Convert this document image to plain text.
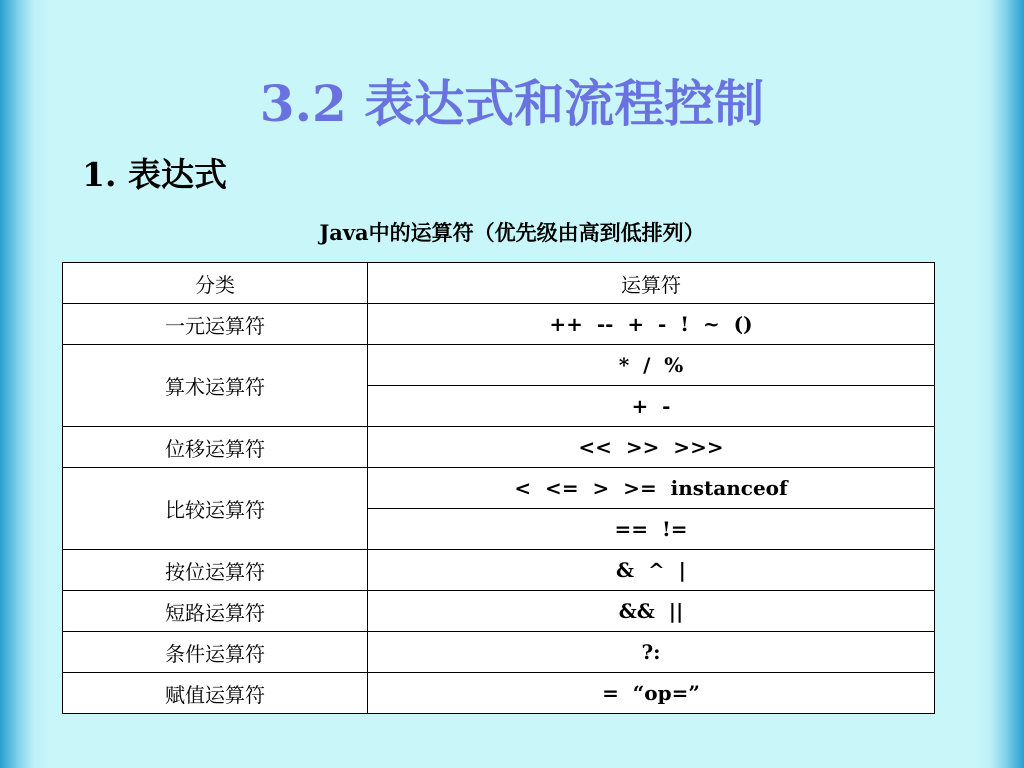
3.2 表达式和流程控制
1. 表达式
Java中的运算符（优先级由高到低排列）
分类	运算符
一元运算符	++  --  +  -  !  ~  ()
算术运算符	*  /  %
	+  -
位移运算符	<<  >>  >>>
比较运算符	<  <=  >  >=  instanceof
	==  !=
按位运算符	&  ^  |
短路运算符	&&  ||
条件运算符	?:
赋值运算符	=  “op=”
